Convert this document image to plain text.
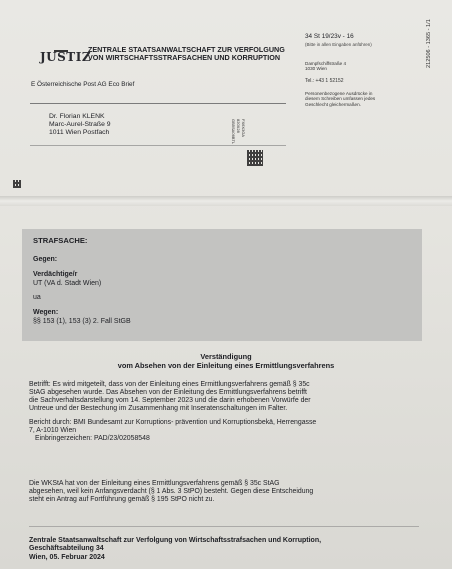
JUSTIZ
ZENTRALE STAATSANWALTSCHAFT ZUR VERFOLGUNG
VON WIRTSCHAFTSSTRAFSACHEN UND KORRUPTION
E Österreichische Post AG Eco Brief
Dr. Florian KLENK
Marc-Aurel-Straße 9
1011 Wien Postfach	FX6X3GA 820X28 GB5SA06BTL
34 St 19/23v - 16
(Bitte in allen Eingaben anführen)
Dampfschiffstraße 4
1030 Wien
Tel.: +43 1 52152
Personenbezogene Ausdrücke in
diesem Schreiben umfassen jedes
Geschlecht gleichermaßen.
212506 - 1365 - 1/1
STRAFSACHE:
Gegen:
Verdächtige/r
UT (VA d. Stadt Wien)
ua
Wegen:
§§ 153 (1), 153 (3) 2. Fall StGB
Verständigung
vom Absehen von der Einleitung eines Ermittlungsverfahrens
Betrifft: Es wird mitgeteilt, dass von der Einleitung eines Ermittlungsverfahrens gemäß § 35c
StAG abgesehen wurde. Das Absehen von der Einleitung des Ermittlungsverfahrens betrifft
die Sachverhaltsdarstellung vom 14. September 2023 und die darin erhobenen Vorwürfe der
Untreue und der Bestechung im Zusammenhang mit Inseratenschaltungen im Falter.
Bericht durch: BMI Bundesamt zur Korruptions- prävention und Korruptionsbekä, Herrengasse
7, A-1010 Wien
Einbringerzeichen: PAD/23/02058548
Die WKStA hat von der Einleitung eines Ermittlungsverfahrens gemäß § 35c StAG
abgesehen, weil kein Anfangsverdacht (§ 1 Abs. 3 StPO) besteht. Gegen diese Entscheidung
steht ein Antrag auf Fortführung gemäß § 195 StPO nicht zu.
Zentrale Staatsanwaltschaft zur Verfolgung von Wirtschaftsstrafsachen und Korruption,
Geschäftsabteilung 34
Wien, 05. Februar 2024
